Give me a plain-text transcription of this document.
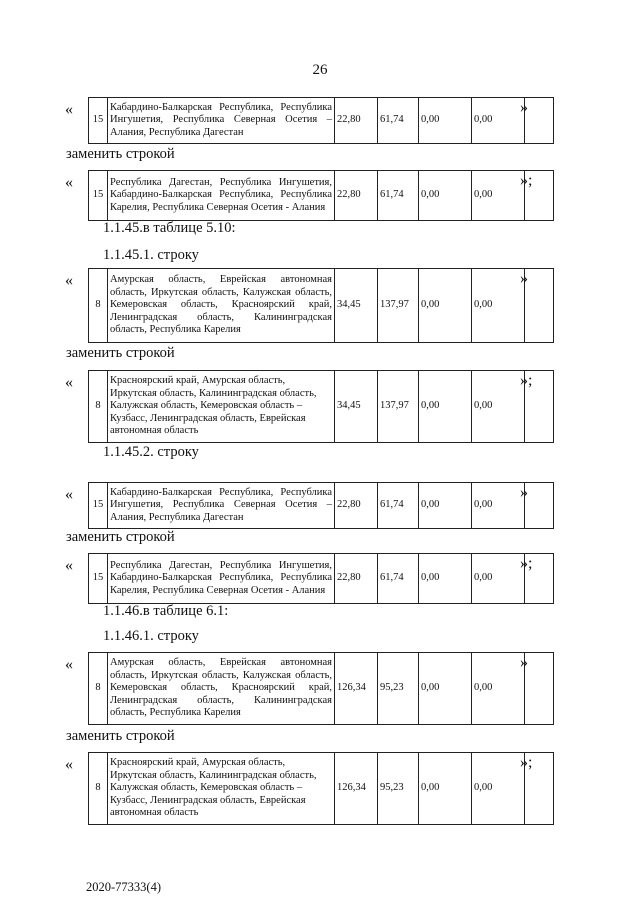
26
«
15	Кабардино-Балкарская Республика, Республика Ингушетия, Республика Северная Осетия – Алания, Республика Дагестан	22,80	61,74	0,00	0,00	
»
заменить строкой
«
15	Республика Дагестан, Республика Ингушетия, Кабардино-Балкарская Республика, Республика Карелия, Республика Северная Осетия - Алания	22,80	61,74	0,00	0,00	
»;
1.1.45.в таблице 5.10:
1.1.45.1. строку
«
8	Амурская область, Еврейская автономная область, Иркутская область, Калужская область, Кемеровская область, Красноярский край, Ленинградская область, Калининградская область, Республика Карелия	34,45	137,97	0,00	0,00	
»
заменить строкой
«
8	Красноярский край, Амурская область, Иркутская область, Калининградская область, Калужская область, Кемеровская область – Кузбасс, Ленинградская область, Еврейская автономная область	34,45	137,97	0,00	0,00	
»;
1.1.45.2. строку
«
15	Кабардино-Балкарская Республика, Республика Ингушетия, Республика Северная Осетия – Алания, Республика Дагестан	22,80	61,74	0,00	0,00	
»
заменить строкой
«
15	Республика Дагестан, Республика Ингушетия, Кабардино-Балкарская Республика, Республика Карелия, Республика Северная Осетия - Алания	22,80	61,74	0,00	0,00	
»;
1.1.46.в таблице 6.1:
1.1.46.1. строку
«
8	Амурская область, Еврейская автономная область, Иркутская область, Калужская область, Кемеровская область, Красноярский край, Ленинградская область, Калининградская область, Республика Карелия	126,34	95,23	0,00	0,00	
»
заменить строкой
«
8	Красноярский край, Амурская область, Иркутская область, Калининградская область, Калужская область, Кемеровская область – Кузбасс, Ленинградская область, Еврейская автономная область	126,34	95,23	0,00	0,00	
»;
2020-77333(4)
